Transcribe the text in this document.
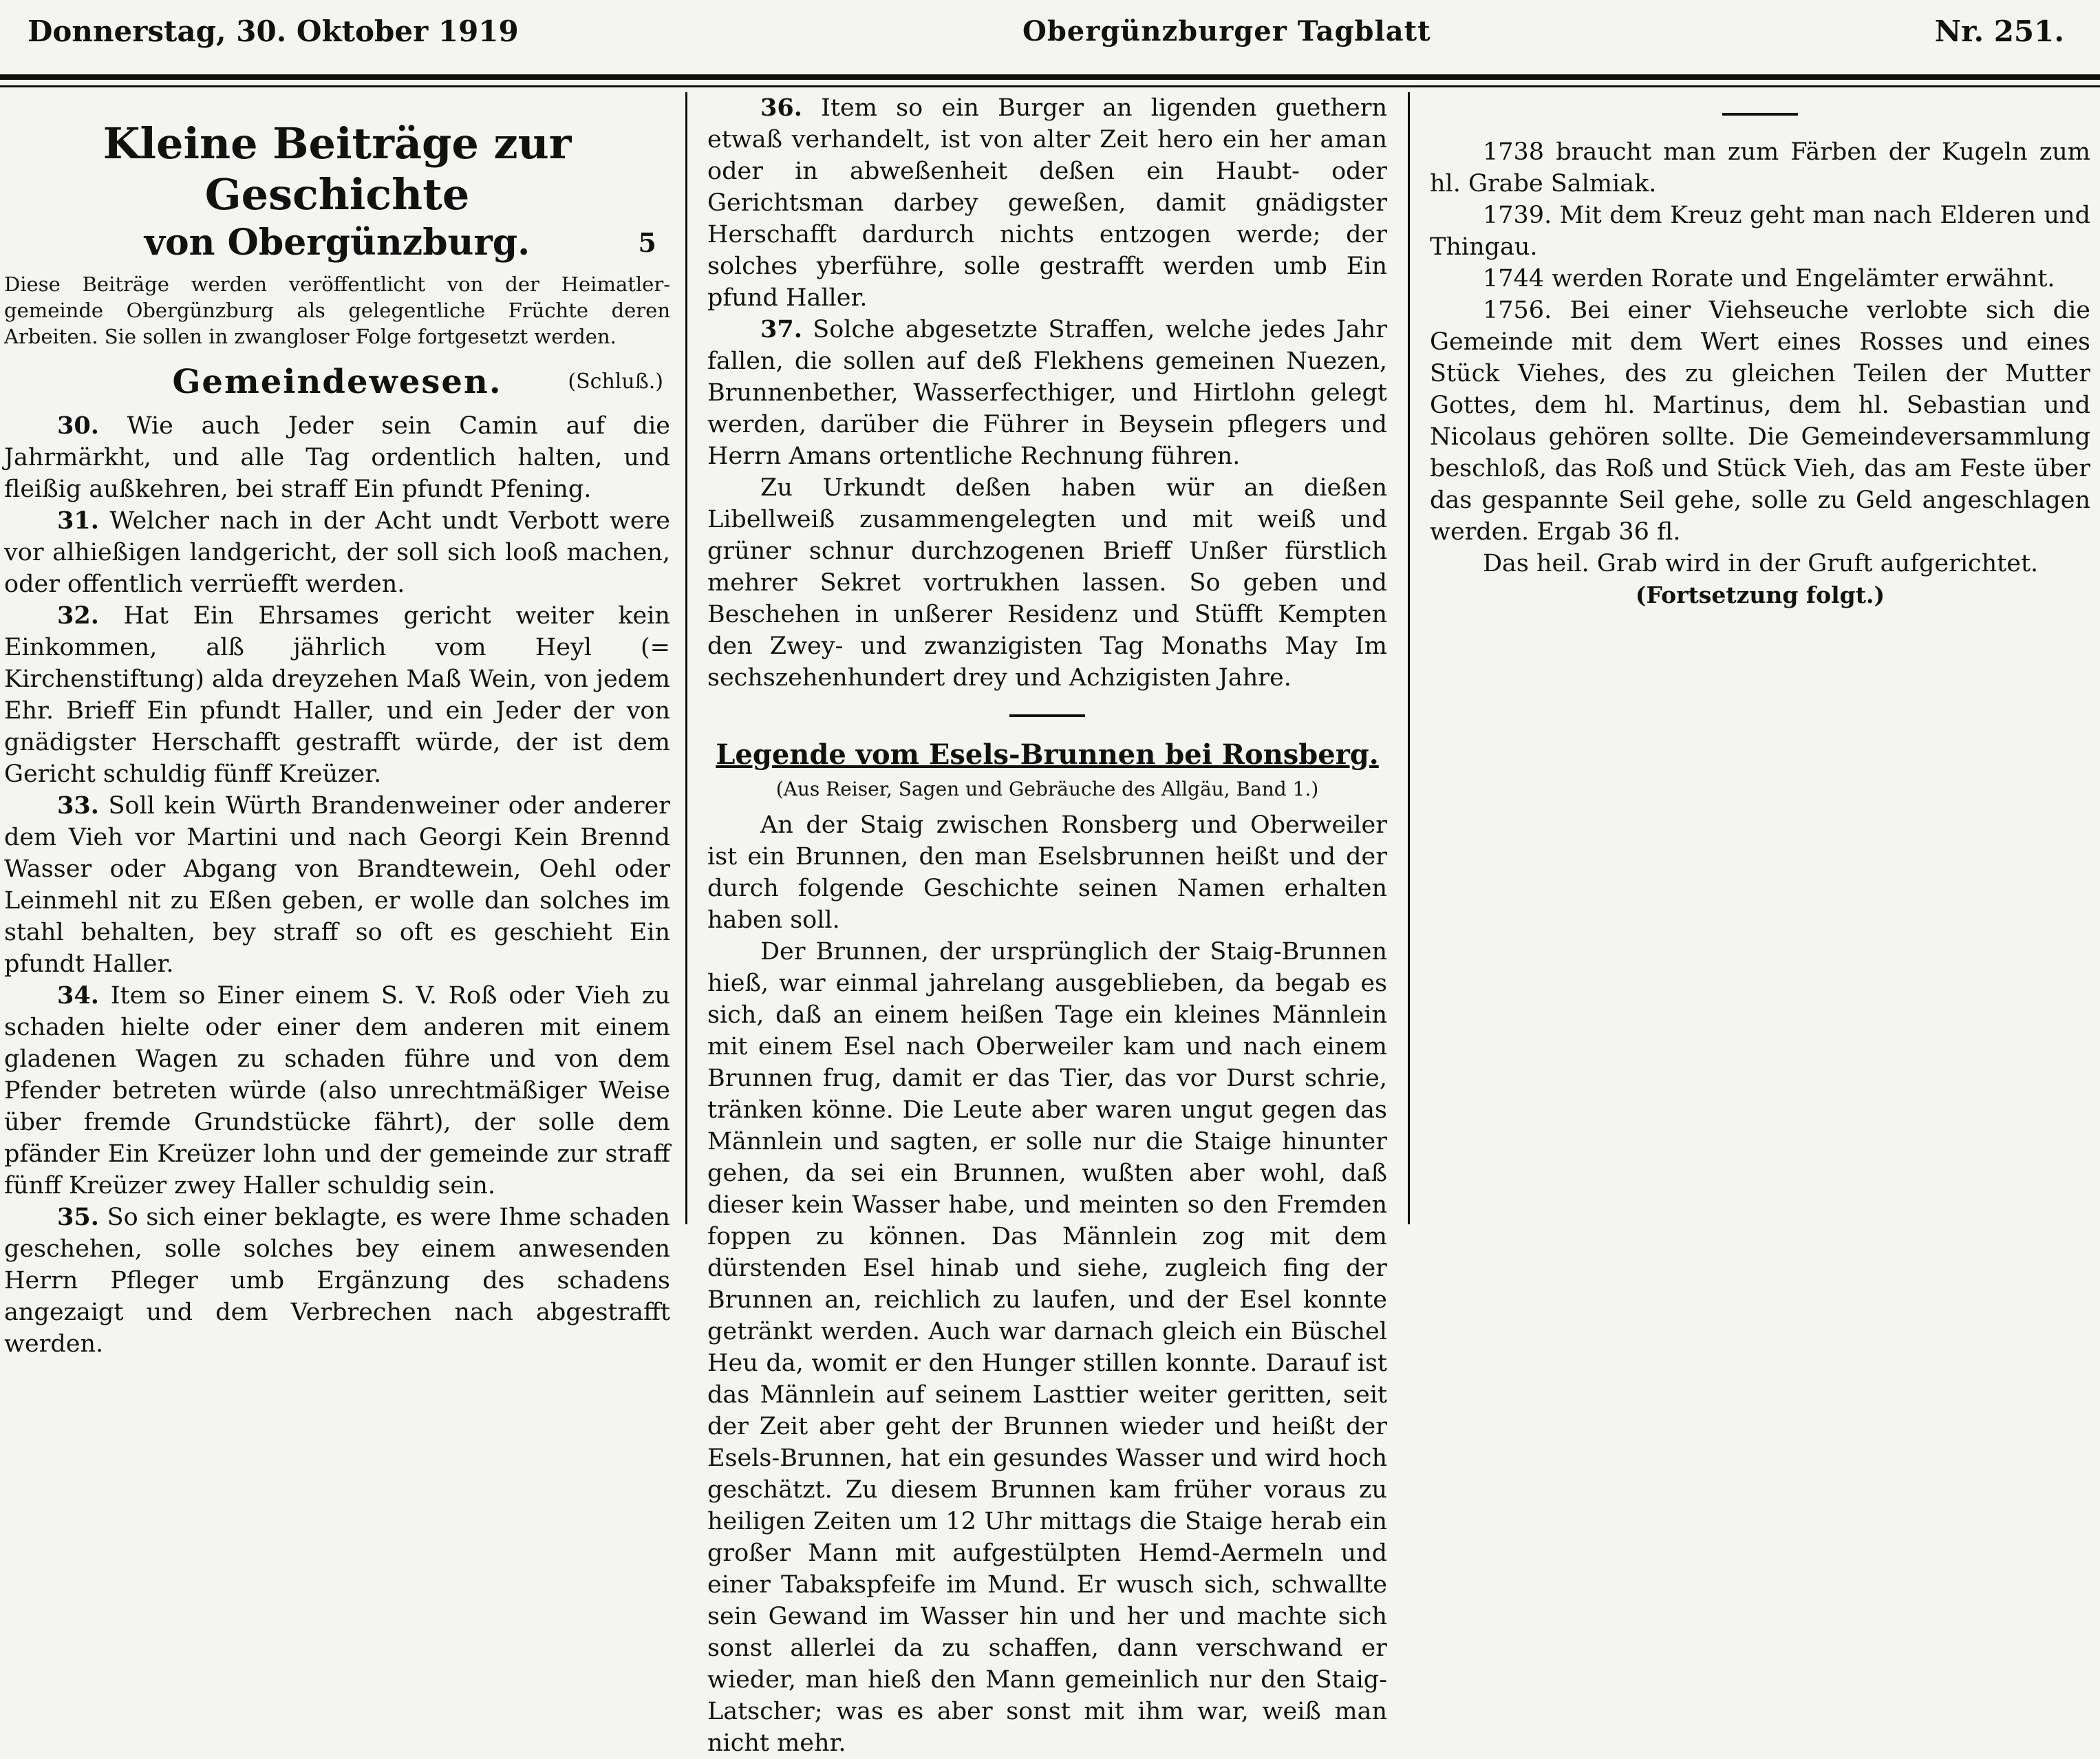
Donnerstag, 30. Oktober 1919	Obergünzburger Tagblatt	Nr. 251.
Kleine Beiträge zur Geschichte
von Obergünzburg.	5

Diese Beiträge werden veröffentlicht von der Heimatler-gemeinde Obergünzburg als gelegentliche Früchte deren Arbeiten. Sie sollen in zwangloser Folge fortgesetzt werden.

Gemeindewesen.	(Schluß.)

30. Wie auch Jeder sein Camin auf die Jahrmärkht, und alle Tag ordentlich halten, und fleißig außkehren, bei straff Ein pfundt Pfening.

31. Welcher nach in der Acht undt Verbott were vor alhießigen landgericht, der soll sich looß machen, oder offentlich verrüefft werden.

32. Hat Ein Ehrsames gericht weiter kein Einkommen, alß jährlich vom Heyl (= Kirchenstiftung) alda dreyzehen Maß Wein, von jedem Ehr. Brieff Ein pfundt Haller, und ein Jeder der von gnädigster Herschafft gestrafft würde, der ist dem Gericht schuldig fünff Kreüzer.

33. Soll kein Würth Brandenweiner oder anderer dem Vieh vor Martini und nach Georgi Kein Brennd Wasser oder Abgang von Brandtewein, Oehl oder Leinmehl nit zu Eßen geben, er wolle dan solches im stahl behalten, bey straff so oft es geschieht Ein pfundt Haller.

34. Item so Einer einem S. V. Roß oder Vieh zu schaden hielte oder einer dem anderen mit einem gladenen Wagen zu schaden führe und von dem Pfender betreten würde (also unrechtmäßiger Weise über fremde Grundstücke fährt), der solle dem pfänder Ein Kreüzer lohn und der gemeinde zur straff fünff Kreüzer zwey Haller schuldig sein.

35. So sich einer beklagte, es were Ihme schaden geschehen, solle solches bey einem anwesenden Herrn Pfleger umb Ergänzung des schadens angezaigt und dem Verbrechen nach abgestrafft werden.

36. Item so ein Burger an ligenden guethern etwaß verhandelt, ist von alter Zeit hero ein her aman oder in abweßenheit deßen ein Haubt- oder Gerichtsman darbey geweßen, damit gnädigster Herschafft dardurch nichts entzogen werde; der solches yberführe, solle gestrafft werden umb Ein pfund Haller.

37. Solche abgesetzte Straffen, welche jedes Jahr fallen, die sollen auf deß Flekhens gemeinen Nuezen, Brunnenbether, Wasserfecthiger, und Hirtlohn gelegt werden, darüber die Führer in Beysein pflegers und Herrn Amans ortentliche Rechnung führen.

Zu Urkundt deßen haben wür an dießen Libellweiß zusammengelegten und mit weiß und grüner schnur durchzogenen Brieff Unßer fürstlich mehrer Sekret vortrukhen lassen. So geben und Beschehen in unßerer Residenz und Stüfft Kempten den Zwey- und zwanzigisten Tag Monaths May Im sechszehenhundert drey und Achzigisten Jahre.

Legende vom Esels-Brunnen bei Ronsberg.

(Aus Reiser, Sagen und Gebräuche des Allgäu, Band 1.)

An der Staig zwischen Ronsberg und Oberweiler ist ein Brunnen, den man Eselsbrunnen heißt und der durch folgende Geschichte seinen Namen erhalten haben soll.

Der Brunnen, der ursprünglich der Staig-Brunnen hieß, war einmal jahrelang ausgeblieben, da begab es sich, daß an einem heißen Tage ein kleines Männlein mit einem Esel nach Oberweiler kam und nach einem Brunnen frug, damit er das Tier, das vor Durst schrie, tränken könne. Die Leute aber waren ungut gegen das Männlein und sagten, er solle nur die Staige hinunter gehen, da sei ein Brunnen, wußten aber wohl, daß dieser kein Wasser habe, und meinten so den Fremden foppen zu können. Das Männlein zog mit dem dürstenden Esel hinab und siehe, zugleich fing der Brunnen an, reichlich zu laufen, und der Esel konnte getränkt werden. Auch war darnach gleich ein Büschel Heu da, womit er den Hunger stillen konnte. Darauf ist das Männlein auf seinem Lasttier weiter geritten, seit der Zeit aber geht der Brunnen wieder und heißt der Esels-Brunnen, hat ein gesundes Wasser und wird hoch geschätzt. Zu diesem Brunnen kam früher voraus zu heiligen Zeiten um 12 Uhr mittags die Staige herab ein großer Mann mit aufgestülpten Hemd-Aermeln und einer Tabakspfeife im Mund. Er wusch sich, schwallte sein Gewand im Wasser hin und her und machte sich sonst allerlei da zu schaffen, dann verschwand er wieder, man hieß den Mann gemeinlich nur den Staig-Latscher; was es aber sonst mit ihm war, weiß man nicht mehr.

1738 braucht man zum Färben der Kugeln zum hl. Grabe Salmiak.

1739. Mit dem Kreuz geht man nach Elderen und Thingau.

1744 werden Rorate und Engelämter erwähnt.

1756. Bei einer Viehseuche verlobte sich die Gemeinde mit dem Wert eines Rosses und eines Stück Viehes, des zu gleichen Teilen der Mutter Gottes, dem hl. Martinus, dem hl. Sebastian und Nicolaus gehören sollte. Die Gemeindeversammlung beschloß, das Roß und Stück Vieh, das am Feste über das gespannte Seil gehe, solle zu Geld angeschlagen werden. Ergab 36 fl.

Das heil. Grab wird in der Gruft aufgerichtet.

(Fortsetzung folgt.)
